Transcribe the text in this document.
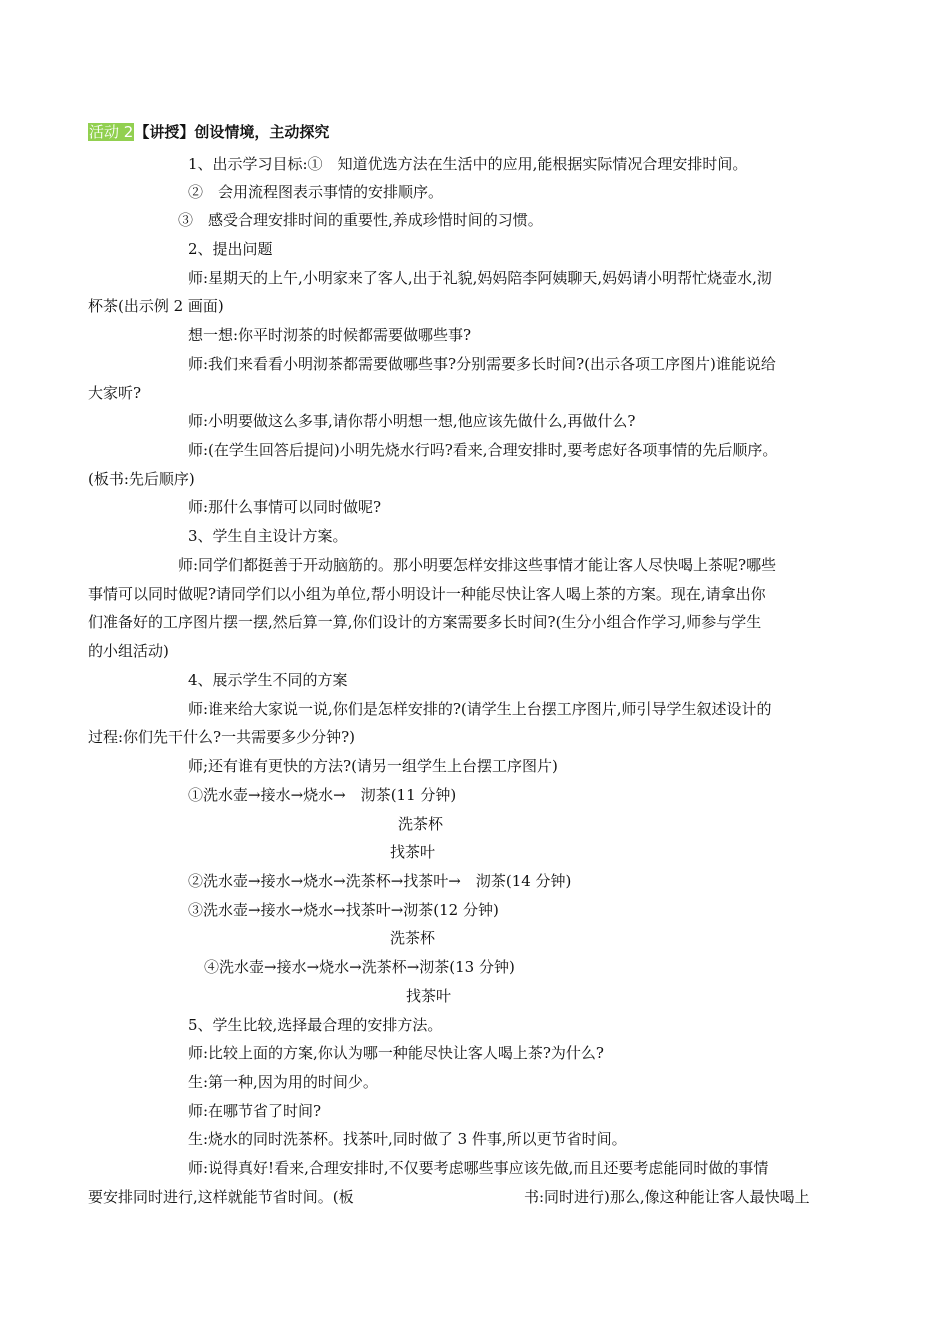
活动 2【讲授】创设情境，主动探究
1、出示学习目标:①　知道优选方法在生活中的应用,能根据实际情况合理安排时间。
②　会用流程图表示事情的安排顺序。
③　感受合理安排时间的重要性,养成珍惜时间的习惯。
2、提出问题
师:星期天的上午,小明家来了客人,出于礼貌,妈妈陪李阿姨聊天,妈妈请小明帮忙烧壶水,沏
杯茶(出示例 2 画面)
想一想:你平时沏茶的时候都需要做哪些事?
师:我们来看看小明沏茶都需要做哪些事?分别需要多长时间?(出示各项工序图片)谁能说给
大家听?
师:小明要做这么多事,请你帮小明想一想,他应该先做什么,再做什么?
师:(在学生回答后提问)小明先烧水行吗?看来,合理安排时,要考虑好各项事情的先后顺序。
(板书:先后顺序)
师:那什么事情可以同时做呢?
3、学生自主设计方案。
师:同学们都挺善于开动脑筋的。那小明要怎样安排这些事情才能让客人尽快喝上茶呢?哪些
事情可以同时做呢?请同学们以小组为单位,帮小明设计一种能尽快让客人喝上茶的方案。现在,请拿出你
们准备好的工序图片摆一摆,然后算一算,你们设计的方案需要多长时间?(生分小组合作学习,师参与学生
的小组活动)
4、展示学生不同的方案
师:谁来给大家说一说,你们是怎样安排的?(请学生上台摆工序图片,师引导学生叙述设计的
过程:你们先干什么?一共需要多少分钟?)
师;还有谁有更快的方法?(请另一组学生上台摆工序图片)
①洗水壶→接水→烧水→　沏茶(11 分钟)
洗茶杯
找茶叶
②洗水壶→接水→烧水→洗茶杯→找茶叶→　沏茶(14 分钟)
③洗水壶→接水→烧水→找茶叶→沏茶(12 分钟)
洗茶杯
④洗水壶→接水→烧水→洗茶杯→沏茶(13 分钟)
找茶叶
5、学生比较,选择最合理的安排方法。
师:比较上面的方案,你认为哪一种能尽快让客人喝上茶?为什么?
生:第一种,因为用的时间少。
师:在哪节省了时间?
生:烧水的同时洗茶杯。找茶叶,同时做了 3 件事,所以更节省时间。
师:说得真好!看来,合理安排时,不仅要考虑哪些事应该先做,而且还要考虑能同时做的事情
要安排同时进行,这样就能节省时间。(板	书:同时进行)那么,像这种能让客人最快喝上
